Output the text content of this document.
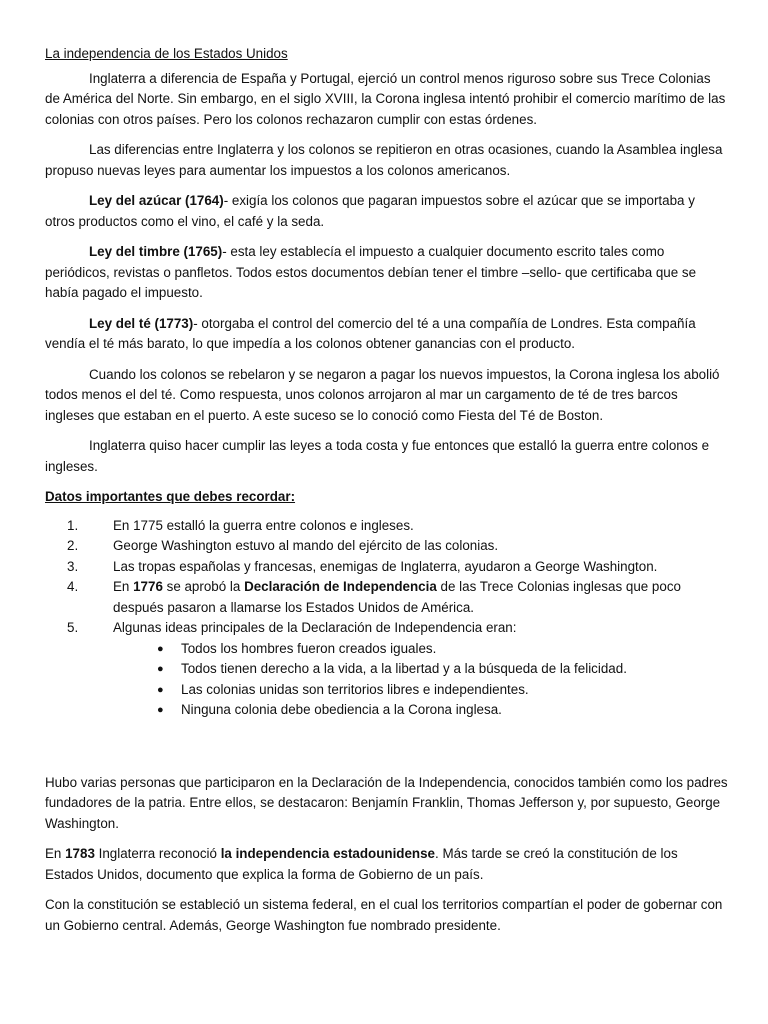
La independencia de los Estados Unidos

Inglaterra a diferencia de España y Portugal, ejerció un control menos riguroso sobre sus Trece Colonias de América del Norte. Sin embargo, en el siglo XVIII, la Corona inglesa intentó prohibir el comercio marítimo de las colonias con otros países. Pero los colonos rechazaron cumplir con estas órdenes.

Las diferencias entre Inglaterra y los colonos se repitieron en otras ocasiones, cuando la Asamblea inglesa propuso nuevas leyes para aumentar los impuestos a los colonos americanos.

Ley del azúcar (1764)- exigía los colonos que pagaran impuestos sobre el azúcar que se importaba y otros productos como el vino, el café y la seda.

Ley del timbre (1765)- esta ley establecía el impuesto a cualquier documento escrito tales como periódicos, revistas o panfletos. Todos estos documentos debían tener el timbre –sello- que certificaba que se había pagado el impuesto.

Ley del té (1773)- otorgaba el control del comercio del té a una compañía de Londres. Esta compañía vendía el té más barato, lo que impedía a los colonos obtener ganancias con el producto.

Cuando los colonos se rebelaron y se negaron a pagar los nuevos impuestos, la Corona inglesa los abolió todos menos el del té. Como respuesta, unos colonos arrojaron al mar un cargamento de té de tres barcos ingleses que estaban en el puerto. A este suceso se lo conoció como Fiesta del Té de Boston.

Inglaterra quiso hacer cumplir las leyes a toda costa y fue entonces que estalló la guerra entre colonos e ingleses.

Datos importantes que debes recordar:
1.	En 1775 estalló la guerra entre colonos e ingleses.
2.	George Washington estuvo al mando del ejército de las colonias.
3.	Las tropas españolas y francesas, enemigas de Inglaterra, ayudaron a George Washington.
4.	En 1776 se aprobó la Declaración de Independencia de las Trece Colonias inglesas que poco después pasaron a llamarse los Estados Unidos de América.
5.	Algunas ideas principales de la Declaración de Independencia eran:
● Todos los hombres fueron creados iguales.
● Todos tienen derecho a la vida, a la libertad y a la búsqueda de la felicidad.
● Las colonias unidas son territorios libres e independientes.
● Ninguna colonia debe obediencia a la Corona inglesa.

Hubo varias personas que participaron en la Declaración de la Independencia, conocidos también como los padres fundadores de la patria. Entre ellos, se destacaron: Benjamín Franklin, Thomas Jefferson y, por supuesto, George Washington.

En 1783 Inglaterra reconoció la independencia estadounidense. Más tarde se creó la constitución de los Estados Unidos, documento que explica la forma de Gobierno de un país.

Con la constitución se estableció un sistema federal, en el cual los territorios compartían el poder de gobernar con un Gobierno central. Además, George Washington fue nombrado presidente.
